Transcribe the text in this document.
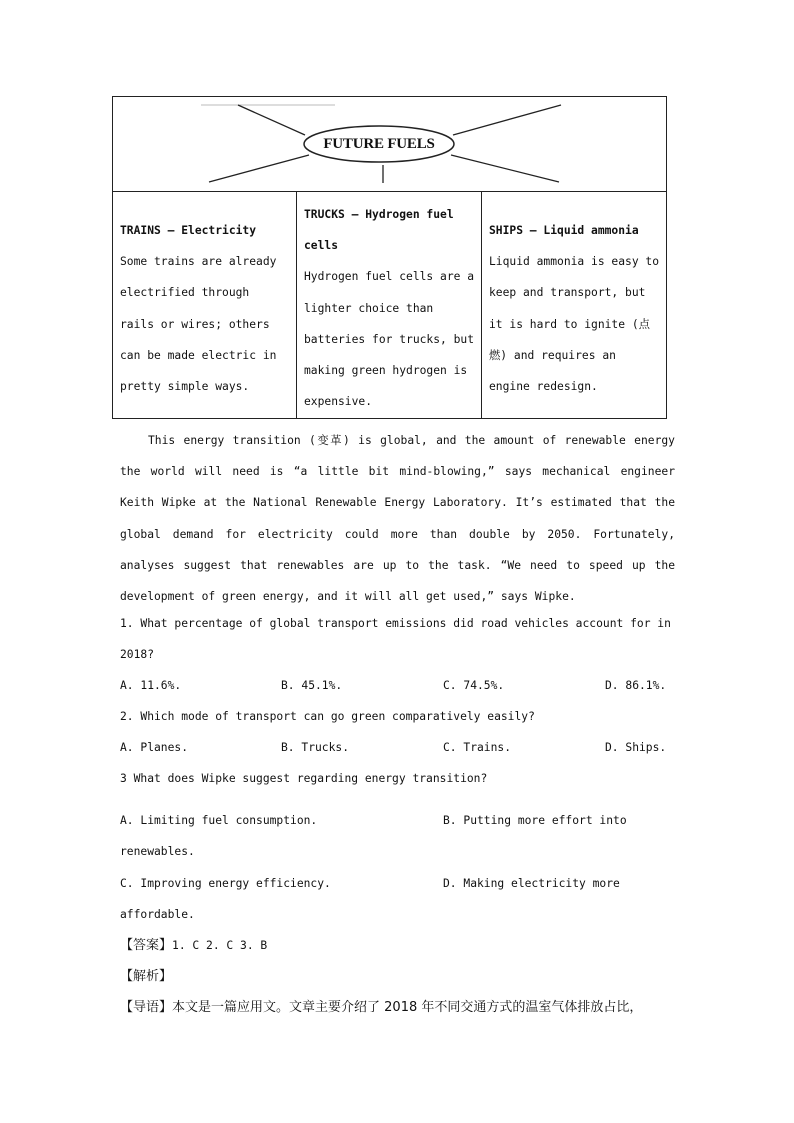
FUTURE FUELS
TRAINS — Electricity
Some trains are already electrified through rails or wires; others can be made electric in pretty simple ways.
TRUCKS — Hydrogen fuel cells
Hydrogen fuel cells are a lighter choice than batteries for trucks, but making green hydrogen is expensive.
SHIPS — Liquid ammonia
Liquid ammonia is easy to keep and transport, but it is hard to ignite (点燃) and requires an engine redesign.
This energy transition (变革) is global, and the amount of renewable energy the world will need is “a little bit mind-blowing,” says mechanical engineer Keith Wipke at the National Renewable Energy Laboratory. It’s estimated that the global demand for electricity could more than double by 2050. Fortunately, analyses suggest that renewables are up to the task. “We need to speed up the development of green energy, and it will all get used,” says Wipke.
1. What percentage of global transport emissions did road vehicles account for in
2018?
A. 11.6%.	B. 45.1%.	C. 74.5%.	D. 86.1%.
2. Which mode of transport can go green comparatively easily?
A. Planes.	B. Trucks.	C. Trains.	D. Ships.
3 What does Wipke suggest regarding energy transition?
A. Limiting fuel consumption.	B. Putting more effort into
renewables.
C. Improving energy efficiency.	D. Making electricity more
affordable.
【答案】1. C 2. C 3. B
【解析】
【导语】本文是一篇应用文。文章主要介绍了 2018 年不同交通方式的温室气体排放占比，
